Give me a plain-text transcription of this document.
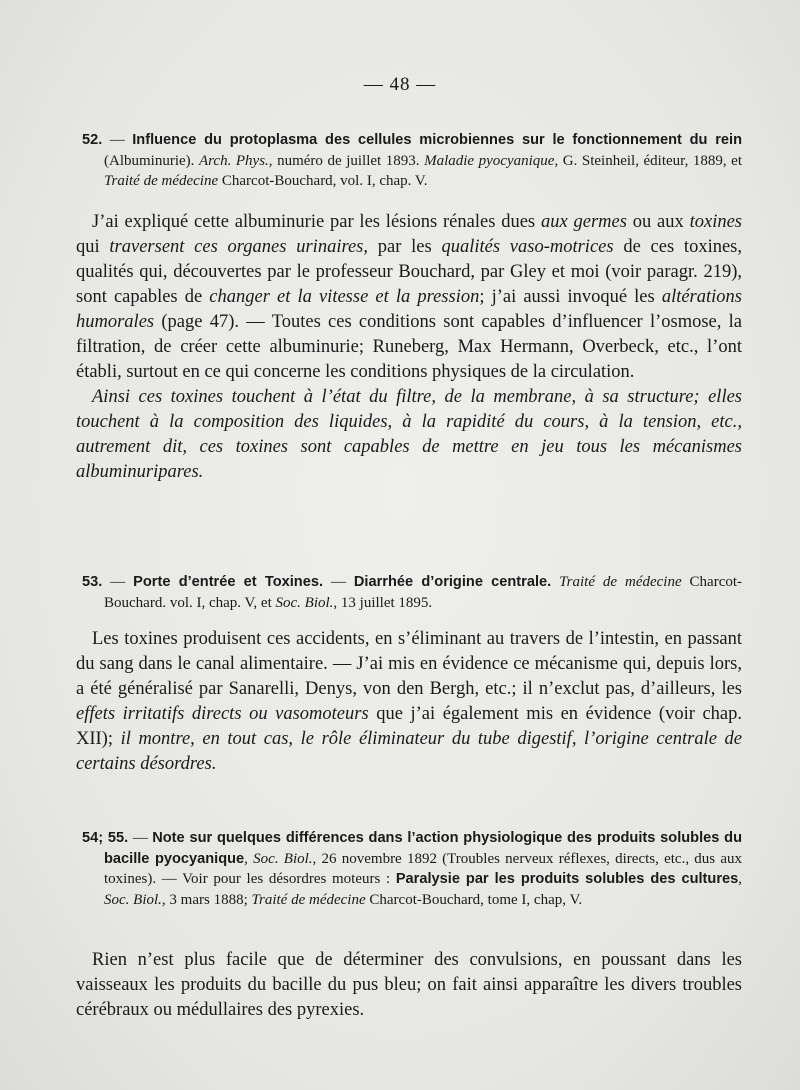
— 48 —

52. — Influence du protoplasma des cellules microbiennes sur le fonctionnement du rein (Albuminurie). Arch. Phys., numéro de juillet 1893. Maladie pyocyanique, G. Steinheil, éditeur, 1889, et Traité de médecine Charcot-Bouchard, vol. I, chap. V.

J’ai expliqué cette albuminurie par les lésions rénales dues aux germes ou aux toxines qui traversent ces organes urinaires, par les qualités vaso-motrices de ces toxines, qualités qui, découvertes par le professeur Bouchard, par Gley et moi (voir paragr. 219), sont capables de changer et la vitesse et la pression; j’ai aussi invoqué les altérations humorales (page 47). — Toutes ces conditions sont capables d’influencer l’osmose, la filtration, de créer cette albuminurie; Runeberg, Max Hermann, Overbeck, etc., l’ont établi, surtout en ce qui concerne les conditions physiques de la circulation.

Ainsi ces toxines touchent à l’état du filtre, de la membrane, à sa structure; elles touchent à la composition des liquides, à la rapidité du cours, à la tension, etc., autrement dit, ces toxines sont capables de mettre en jeu tous les mécanismes albuminuripares.

53. — Porte d’entrée et Toxines. — Diarrhée d’origine centrale. Traité de médecine Charcot-Bouchard. vol. I, chap. V, et Soc. Biol., 13 juillet 1895.

Les toxines produisent ces accidents, en s’éliminant au travers de l’intestin, en passant du sang dans le canal alimentaire. — J’ai mis en évidence ce mécanisme qui, depuis lors, a été généralisé par Sanarelli, Denys, von den Bergh, etc.; il n’exclut pas, d’ailleurs, les effets irritatifs directs ou vasomoteurs que j’ai également mis en évidence (voir chap. XII); il montre, en tout cas, le rôle éliminateur du tube digestif, l’origine centrale de certains désordres.

54; 55. — Note sur quelques différences dans l’action physiologique des produits solubles du bacille pyocyanique, Soc. Biol., 26 novembre 1892 (Troubles nerveux réflexes, directs, etc., dus aux toxines). — Voir pour les désordres moteurs : Paralysie par les produits solubles des cultures, Soc. Biol., 3 mars 1888; Traité de médecine Charcot-Bouchard, tome I, chap, V.

Rien n’est plus facile que de déterminer des convulsions, en poussant dans les vaisseaux les produits du bacille du pus bleu; on fait ainsi apparaître les divers troubles cérébraux ou médullaires des pyrexies.
